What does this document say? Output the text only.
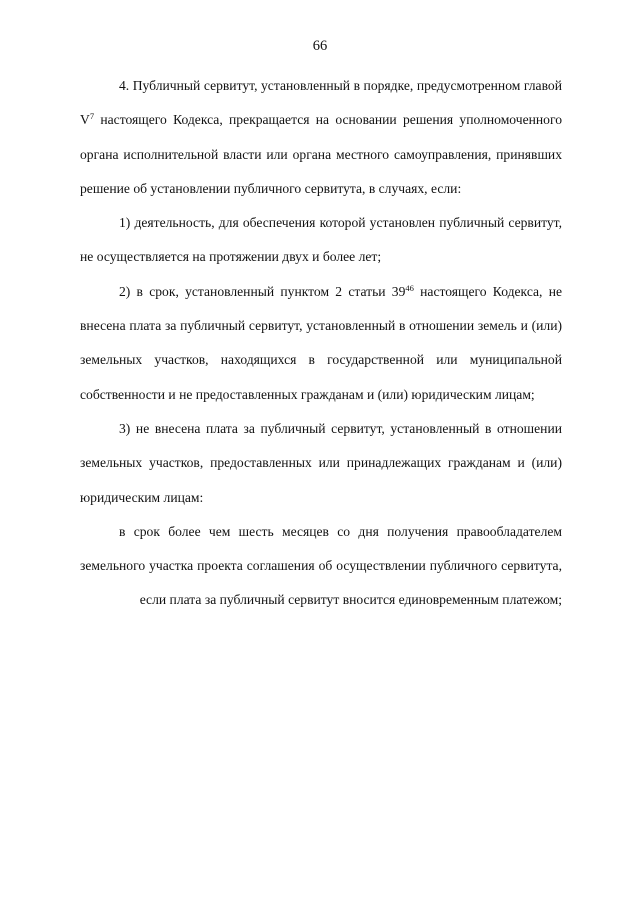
66

4. Публичный сервитут, установленный в порядке, предусмотренном главой $V^7$ настоящего Кодекса, прекращается на основании решения уполномоченного органа исполнительной власти или органа местного самоуправления, принявших решение об установлении публичного сервитута, в случаях, если:

1) деятельность, для обеспечения которой установлен публичный сервитут, не осуществляется на протяжении двух и более лет;

2) в срок, установленный пунктом 2 статьи $39^{46}$ настоящего Кодекса, не внесена плата за публичный сервитут, установленный в отношении земель и (или) земельных участков, находящихся в государственной или муниципальной собственности и не предоставленных гражданам и (или) юридическим лицам;

3) не внесена плата за публичный сервитут, установленный в отношении земельных участков, предоставленных или принадлежащих гражданам и (или) юридическим лицам:

в срок более чем шесть месяцев со дня получения правообладателем земельного участка проекта соглашения об осуществлении публичного сервитута, если плата за публичный сервитут вносится единовременным платежом;
